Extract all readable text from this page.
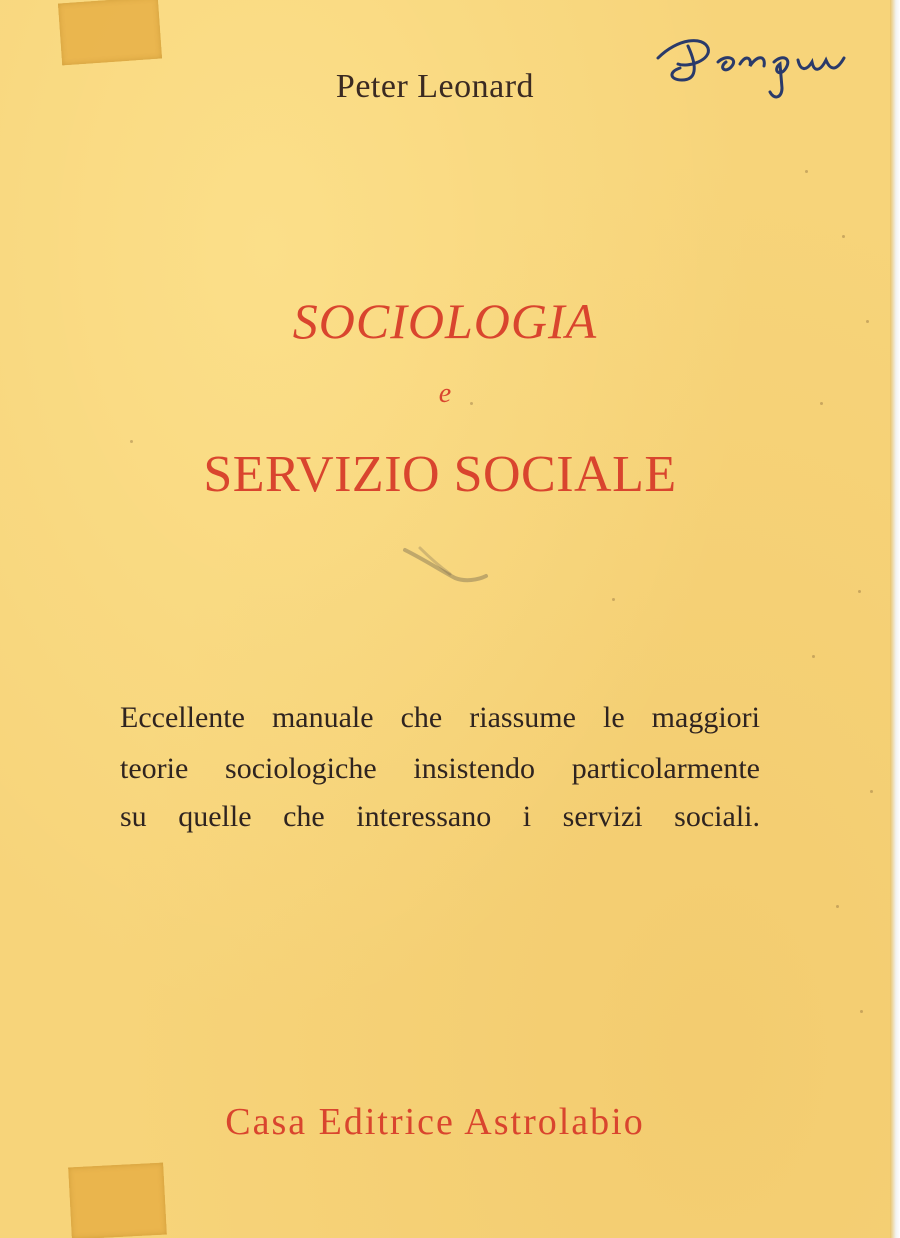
Peter Leonard
SOCIOLOGIA
e
SERVIZIO SOCIALE
Eccellente manuale che riassume le maggiori
teorie sociologiche insistendo particolarmente
su quelle che interessano i servizi sociali.
Casa Editrice Astrolabio
